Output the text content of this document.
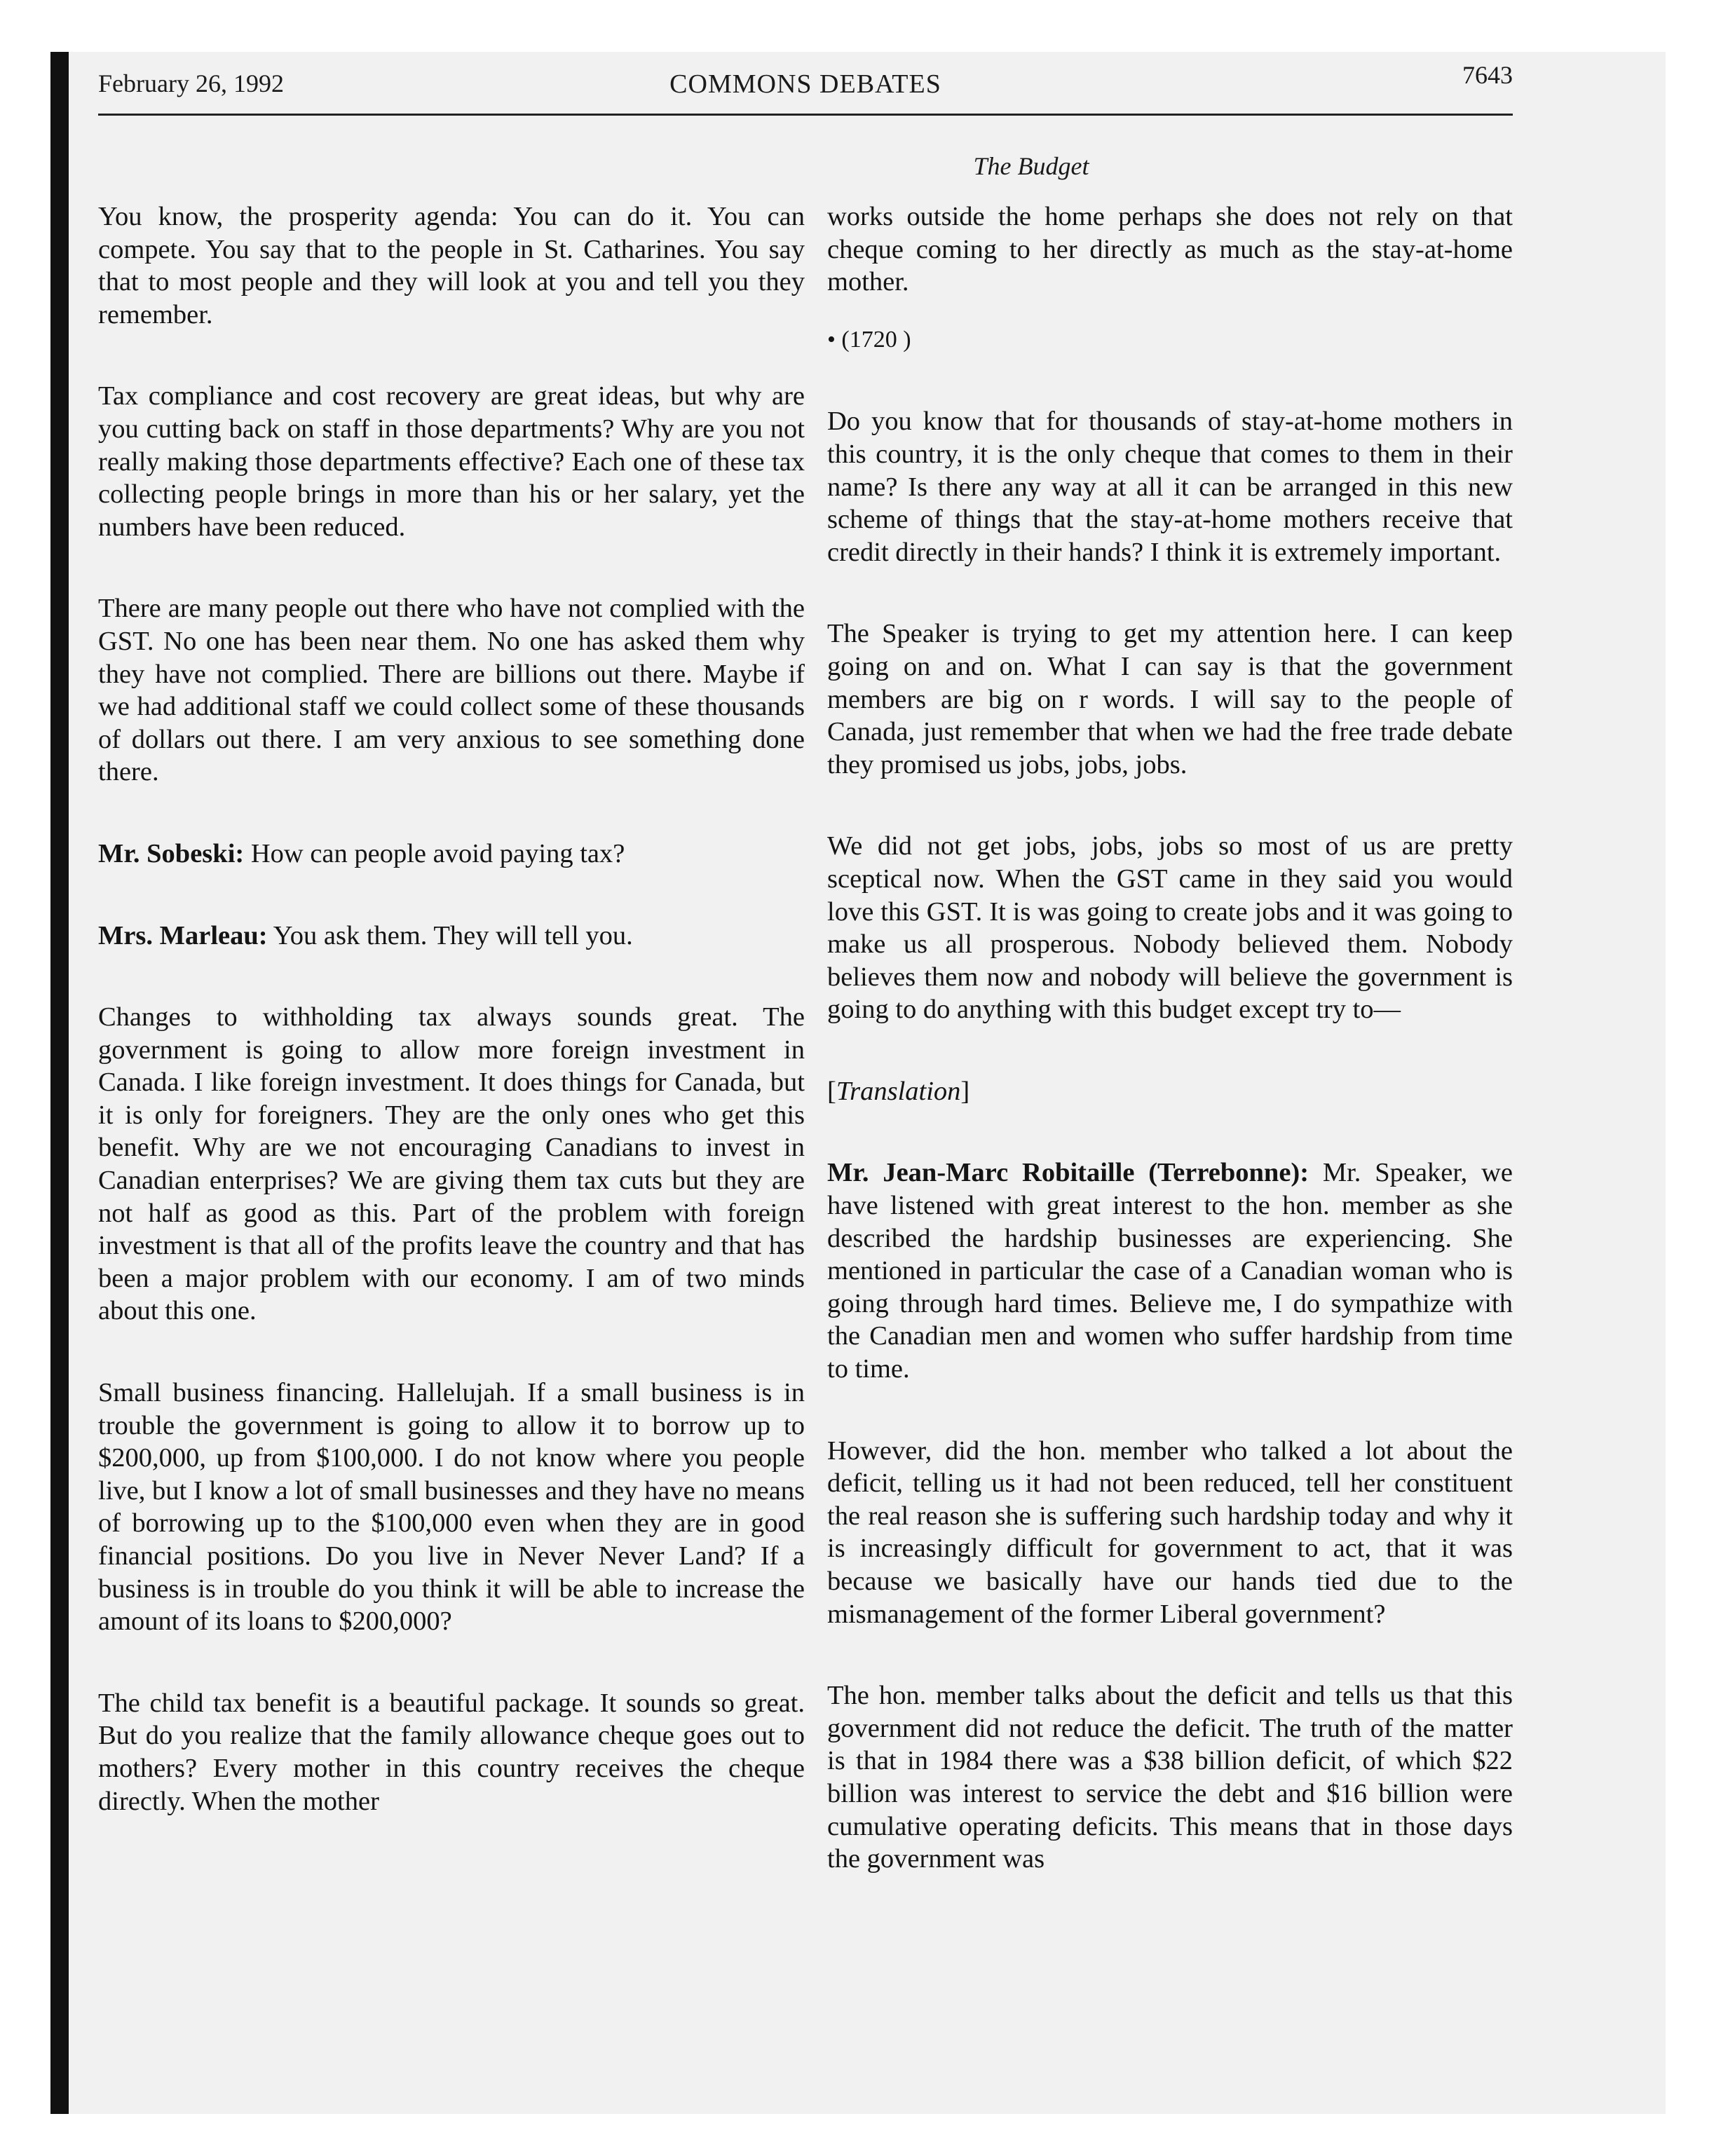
February 26, 1992	COMMONS DEBATES	7643
The Budget

You know, the prosperity agenda: You can do it. You can compete. You say that to the people in St. Catharines. You say that to most people and they will look at you and tell you they remember.

Tax compliance and cost recovery are great ideas, but why are you cutting back on staff in those departments? Why are you not really making those departments effective? Each one of these tax collecting people brings in more than his or her salary, yet the numbers have been reduced.

There are many people out there who have not complied with the GST. No one has been near them. No one has asked them why they have not complied. There are billions out there. Maybe if we had additional staff we could collect some of these thousands of dollars out there. I am very anxious to see something done there.

Mr. Sobeski: How can people avoid paying tax?

Mrs. Marleau: You ask them. They will tell you.

Changes to withholding tax always sounds great. The government is going to allow more foreign investment in Canada. I like foreign investment. It does things for Canada, but it is only for foreigners. They are the only ones who get this benefit. Why are we not encouraging Canadians to invest in Canadian enterprises? We are giving them tax cuts but they are not half as good as this. Part of the problem with foreign investment is that all of the profits leave the country and that has been a major problem with our economy. I am of two minds about this one.

Small business financing. Hallelujah. If a small business is in trouble the government is going to allow it to borrow up to $200,000, up from $100,000. I do not know where you people live, but I know a lot of small businesses and they have no means of borrowing up to the $100,000 even when they are in good financial positions. Do you live in Never Never Land? If a business is in trouble do you think it will be able to increase the amount of its loans to $200,000?

The child tax benefit is a beautiful package. It sounds so great. But do you realize that the family allowance cheque goes out to mothers? Every mother in this country receives the cheque directly. When the mother

works outside the home perhaps she does not rely on that cheque coming to her directly as much as the stay-at-home mother.

• (1720 )

Do you know that for thousands of stay-at-home mothers in this country, it is the only cheque that comes to them in their name? Is there any way at all it can be arranged in this new scheme of things that the stay-at-home mothers receive that credit directly in their hands? I think it is extremely important.

The Speaker is trying to get my attention here. I can keep going on and on. What I can say is that the government members are big on r words. I will say to the people of Canada, just remember that when we had the free trade debate they promised us jobs, jobs, jobs.

We did not get jobs, jobs, jobs so most of us are pretty sceptical now. When the GST came in they said you would love this GST. It is was going to create jobs and it was going to make us all prosperous. Nobody believed them. Nobody believes them now and nobody will believe the government is going to do anything with this budget except try to—

[Translation]

Mr. Jean-Marc Robitaille (Terrebonne): Mr. Speaker, we have listened with great interest to the hon. member as she described the hardship businesses are experiencing. She mentioned in particular the case of a Canadian woman who is going through hard times. Believe me, I do sympathize with the Canadian men and women who suffer hardship from time to time.

However, did the hon. member who talked a lot about the deficit, telling us it had not been reduced, tell her constituent the real reason she is suffering such hardship today and why it is increasingly difficult for government to act, that it was because we basically have our hands tied due to the mismanagement of the former Liberal government?

The hon. member talks about the deficit and tells us that this government did not reduce the deficit. The truth of the matter is that in 1984 there was a $38 billion deficit, of which $22 billion was interest to service the debt and $16 billion were cumulative operating deficits. This means that in those days the government was
